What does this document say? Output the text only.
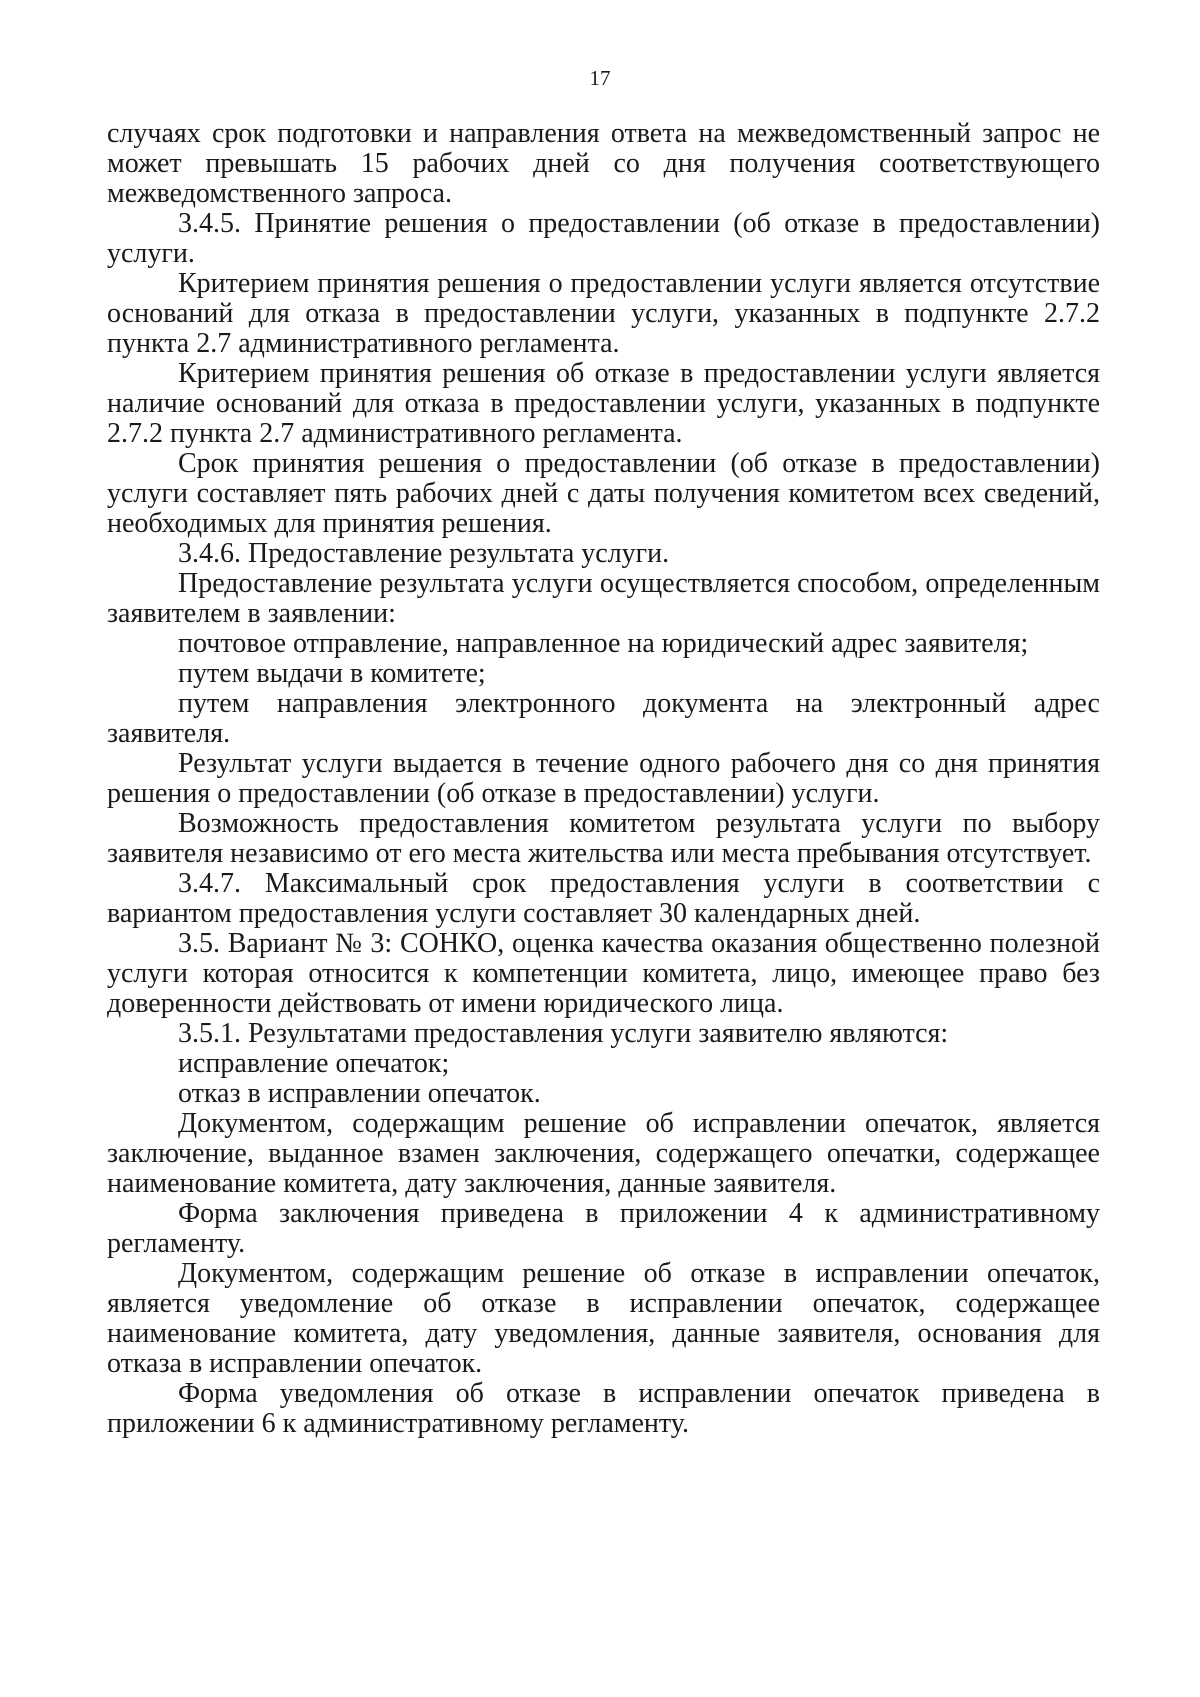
17

случаях срок подготовки и направления ответа на межведомственный запрос не может превышать 15 рабочих дней со дня получения соответствующего межведомственного запроса.

3.4.5. Принятие решения о предоставлении (об отказе в предоставлении) услуги.

Критерием принятия решения о предоставлении услуги является отсутствие оснований для отказа в предоставлении услуги, указанных в подпункте 2.7.2 пункта 2.7 административного регламента.

Критерием принятия решения об отказе в предоставлении услуги является наличие оснований для отказа в предоставлении услуги, указанных в подпункте 2.7.2 пункта 2.7 административного регламента.

Срок принятия решения о предоставлении (об отказе в предоставлении) услуги составляет пять рабочих дней с даты получения комитетом всех сведений, необходимых для принятия решения.

3.4.6. Предоставление результата услуги.

Предоставление результата услуги осуществляется способом, определенным заявителем в заявлении:

почтовое отправление, направленное на юридический адрес заявителя;

путем выдачи в комитете;

путем направления электронного документа на электронный адрес заявителя.

Результат услуги выдается в течение одного рабочего дня со дня принятия решения о предоставлении (об отказе в предоставлении) услуги.

Возможность предоставления комитетом результата услуги по выбору заявителя независимо от его места жительства или места пребывания отсутствует.

3.4.7. Максимальный срок предоставления услуги в соответствии с вариантом предоставления услуги составляет 30 календарных дней.

3.5. Вариант № 3: СОНКО, оценка качества оказания общественно полезной услуги которая относится к компетенции комитета, лицо, имеющее право без доверенности действовать от имени юридического лица.

3.5.1. Результатами предоставления услуги заявителю являются:

исправление опечаток;

отказ в исправлении опечаток.

Документом, содержащим решение об исправлении опечаток, является заключение, выданное взамен заключения, содержащего опечатки, содержащее наименование комитета, дату заключения, данные заявителя.

Форма заключения приведена в приложении 4 к административному регламенту.

Документом, содержащим решение об отказе в исправлении опечаток, является уведомление об отказе в исправлении опечаток, содержащее наименование комитета, дату уведомления, данные заявителя, основания для отказа в исправлении опечаток.

Форма уведомления об отказе в исправлении опечаток приведена в приложении 6 к административному регламенту.
